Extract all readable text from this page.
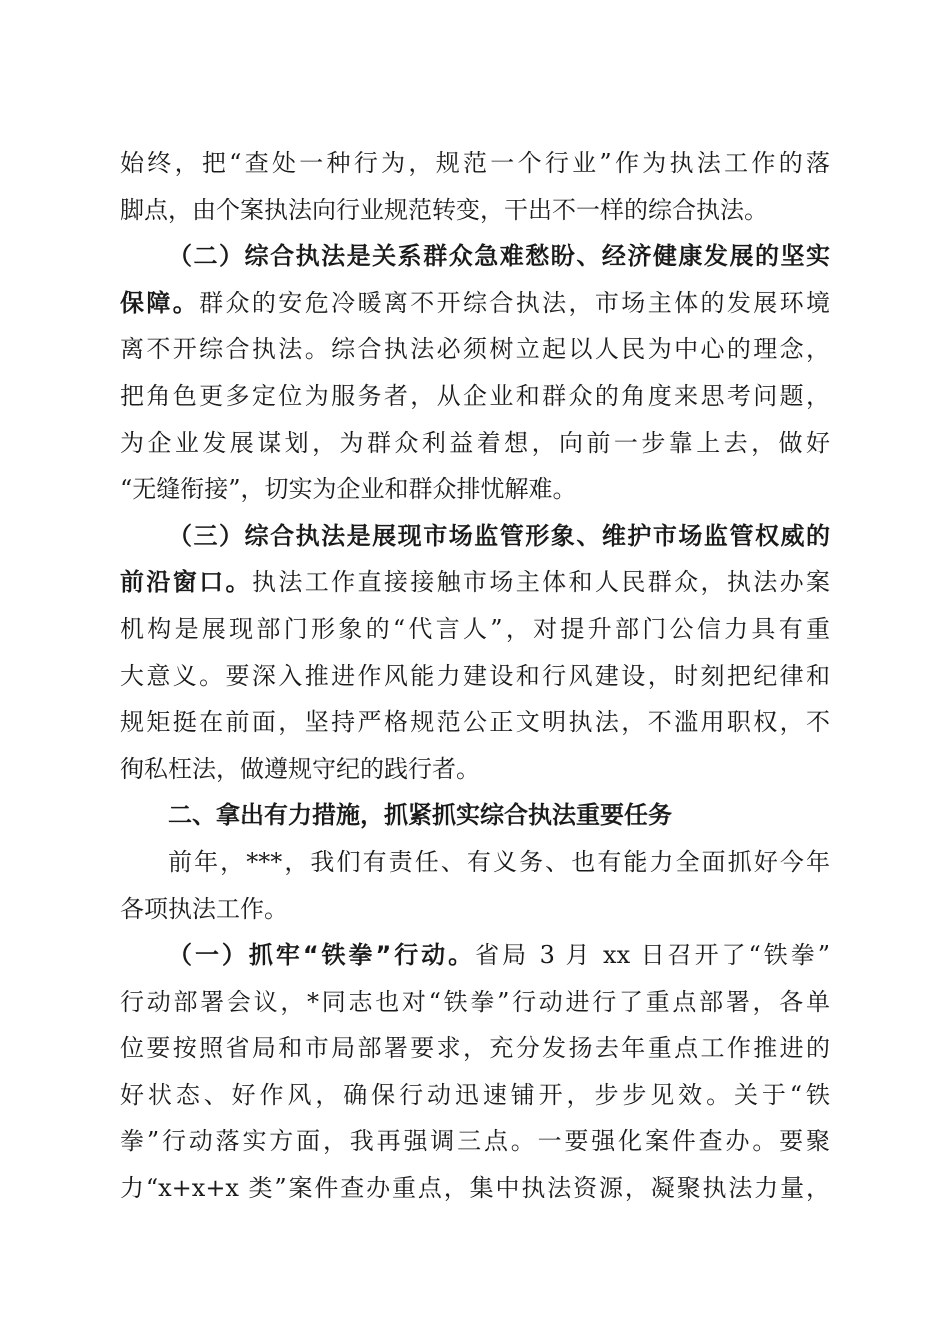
始终，把“查处一种行为，规范一个行业”作为执法工作的落
脚点，由个案执法向行业规范转变，干出不一样的综合执法。
（二）综合执法是关系群众急难愁盼、经济健康发展的坚实
保障。群众的安危冷暖离不开综合执法，市场主体的发展环境
离不开综合执法。综合执法必须树立起以人民为中心的理念，
把角色更多定位为服务者，从企业和群众的角度来思考问题，
为企业发展谋划，为群众利益着想，向前一步靠上去，做好
“无缝衔接”，切实为企业和群众排忧解难。
（三）综合执法是展现市场监管形象、维护市场监管权威的
前沿窗口。执法工作直接接触市场主体和人民群众，执法办案
机构是展现部门形象的“代言人”，对提升部门公信力具有重
大意义。要深入推进作风能力建设和行风建设，时刻把纪律和
规矩挺在前面，坚持严格规范公正文明执法，不滥用职权，不
徇私枉法，做遵规守纪的践行者。
二、拿出有力措施，抓紧抓实综合执法重要任务
前年，***，我们有责任、有义务、也有能力全面抓好今年
各项执法工作。
（一）抓牢“铁拳”行动。省局 3 月 xx 日召开了“铁拳”
行动部署会议，*同志也对“铁拳”行动进行了重点部署，各单
位要按照省局和市局部署要求，充分发扬去年重点工作推进的
好状态、好作风，确保行动迅速铺开，步步见效。关于“铁
拳”行动落实方面，我再强调三点。一要强化案件查办。要聚
力“x+x+x 类”案件查办重点，集中执法资源，凝聚执法力量，
